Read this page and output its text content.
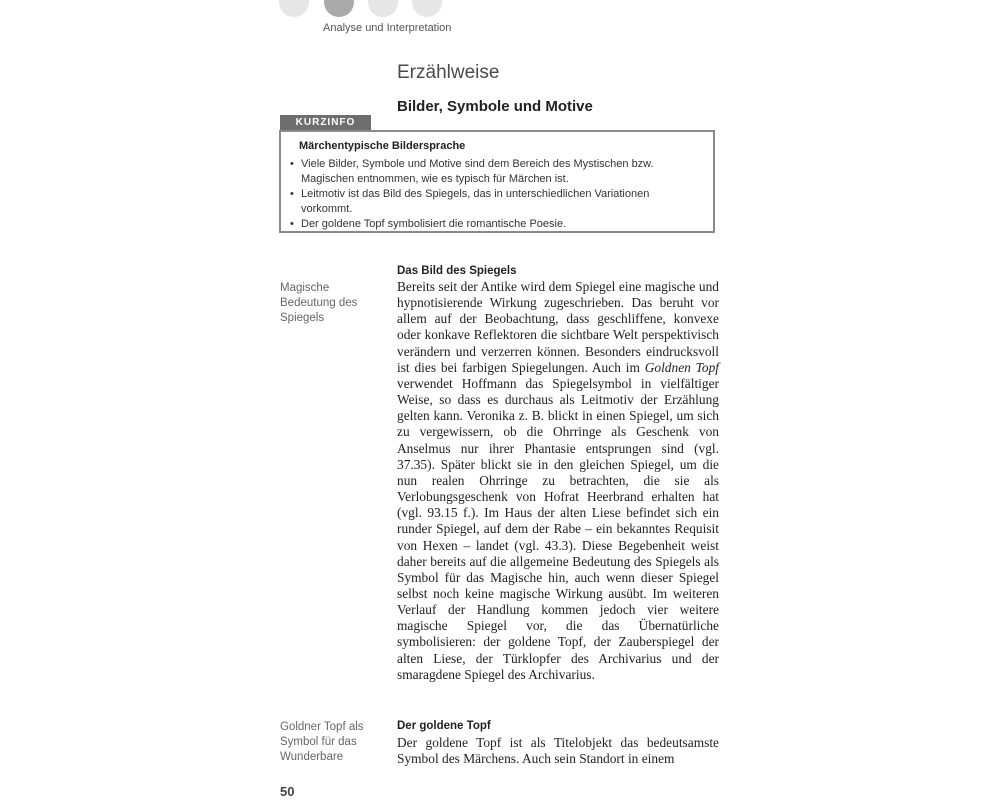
Analyse und Interpretation
Erzählweise
Bilder, Symbole und Motive
KURZINFO
Märchentypische Bildersprache
• Viele Bilder, Symbole und Motive sind dem Bereich des Mystischen bzw. Magischen entnommen, wie es typisch für Märchen ist.
• Leitmotiv ist das Bild des Spiegels, das in unterschiedlichen Variationen vorkommt.
• Der goldene Topf symbolisiert die romantische Poesie.
Magische Bedeutung des Spiegels
Das Bild des Spiegels
Bereits seit der Antike wird dem Spiegel eine magische und hypnotisierende Wirkung zugeschrieben. Das beruht vor allem auf der Beobachtung, dass geschliffene, konvexe oder konkave Reflektoren die sichtbare Welt perspektivisch verändern und verzerren können. Besonders eindrucksvoll ist dies bei farbigen Spiegelungen. Auch im Goldnen Topf verwendet Hoffmann das Spiegelsymbol in vielfältiger Weise, so dass es durchaus als Leitmotiv der Erzählung gelten kann. Veronika z. B. blickt in einen Spiegel, um sich zu vergewissern, ob die Ohrringe als Geschenk von Anselmus nur ihrer Phantasie entsprungen sind (vgl. 37.35). Später blickt sie in den gleichen Spiegel, um die nun realen Ohrringe zu betrachten, die sie als Verlobungsgeschenk von Hofrat Heerbrand erhalten hat (vgl. 93.15 f.). Im Haus der alten Liese befindet sich ein runder Spiegel, auf dem der Rabe – ein bekanntes Requisit von Hexen – landet (vgl. 43.3). Diese Begebenheit weist daher bereits auf die allgemeine Bedeutung des Spiegels als Symbol für das Magische hin, auch wenn dieser Spiegel selbst noch keine magische Wirkung ausübt. Im weiteren Verlauf der Handlung kommen jedoch vier weitere magische Spiegel vor, die das Übernatürliche symbolisieren: der goldene Topf, der Zauberspiegel der alten Liese, der Türklopfer des Archivarius und der smaragdene Spiegel des Archivarius.
Goldner Topf als Symbol für das Wunderbare
Der goldene Topf
Der goldene Topf ist als Titelobjekt das bedeutsamste Symbol des Märchens. Auch sein Standort in einem
50
